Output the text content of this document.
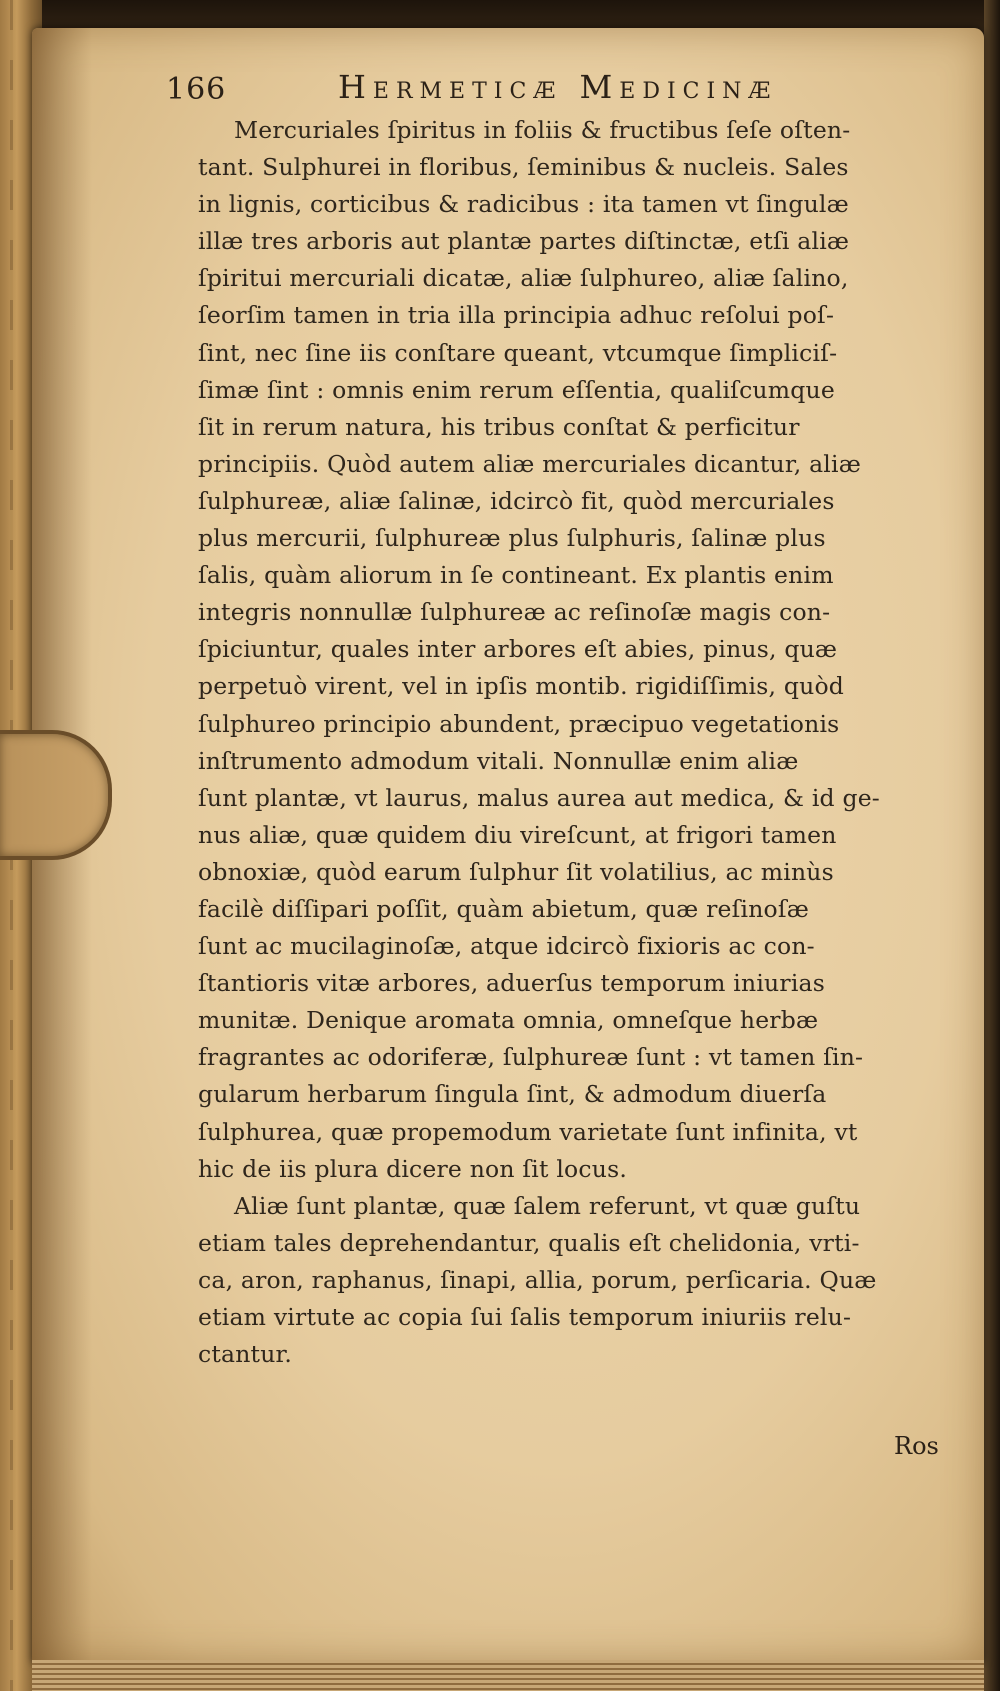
166	Hermeticæ Medicinæ
Mercuriales ſpiritus in foliis & fructibus ſeſe oſten-
tant. Sulphurei in floribus, ſeminibus & nucleis. Sales
in lignis, corticibus & radicibus : ita tamen vt ſingulæ
illæ tres arboris aut plantæ partes diſtinctæ, etſi aliæ
ſpiritui mercuriali dicatæ, aliæ ſulphureo, aliæ ſalino,
ſeorſim tamen in tria illa principia adhuc reſolui poſ-
ſint, nec ſine iis conſtare queant, vtcumque ſimpliciſ-
ſimæ ſint : omnis enim rerum eſſentia, qualiſcumque
ſit in rerum natura, his tribus conſtat & perficitur
principiis. Quòd autem aliæ mercuriales dicantur, aliæ
ſulphureæ, aliæ ſalinæ, idcircò fit, quòd mercuriales
plus mercurii, ſulphureæ plus ſulphuris, ſalinæ plus
ſalis, quàm aliorum in ſe contineant. Ex plantis enim
integris nonnullæ ſulphureæ ac reſinoſæ magis con-
ſpiciuntur, quales inter arbores eſt abies, pinus, quæ
perpetuò virent, vel in ipſis montib. rigidiſſimis, quòd
ſulphureo principio abundent, præcipuo vegetationis
inſtrumento admodum vitali. Nonnullæ enim aliæ
ſunt plantæ, vt laurus, malus aurea aut medica, & id ge-
nus aliæ, quæ quidem diu vireſcunt, at frigori tamen
obnoxiæ, quòd earum ſulphur ſit volatilius, ac minùs
facilè diſſipari poſſit, quàm abietum, quæ reſinoſæ
ſunt ac mucilaginoſæ, atque idcircò fixioris ac con-
ſtantioris vitæ arbores, aduerſus temporum iniurias
munitæ. Denique aromata omnia, omneſque herbæ
fragrantes ac odoriferæ, ſulphureæ ſunt : vt tamen ſin-
gularum herbarum ſingula ſint, & admodum diuerſa
ſulphurea, quæ propemodum varietate ſunt infinita, vt
hic de iis plura dicere non ſit locus.
Aliæ ſunt plantæ, quæ ſalem referunt, vt quæ guſtu
etiam tales deprehendantur, qualis eſt chelidonia, vrti-
ca, aron, raphanus, ſinapi, allia, porum, perſicaria. Quæ
etiam virtute ac copia ſui ſalis temporum iniuriis relu-
ctantur.
Ros
